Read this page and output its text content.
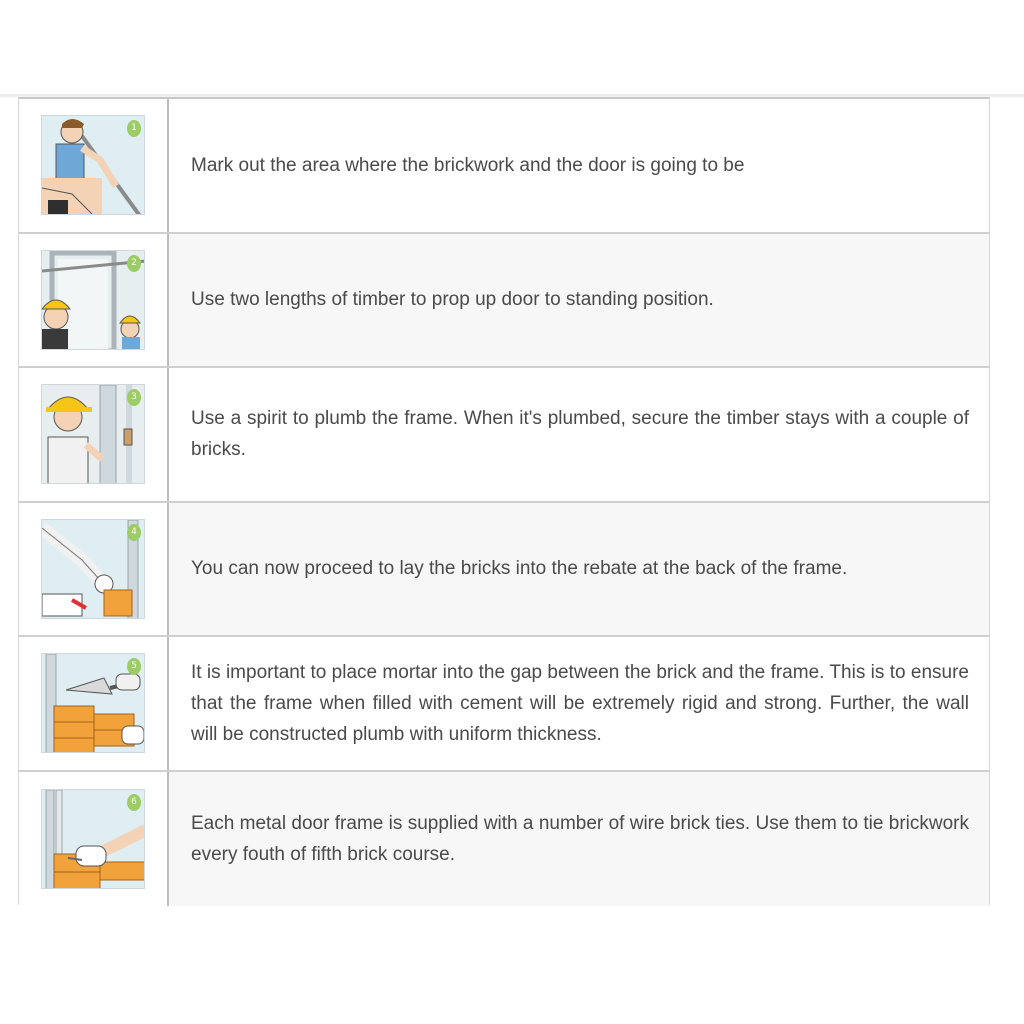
1

Mark out the area where the brickwork and the door is going to be

2

Use two lengths of timber to prop up door to standing position.

3

Use a spirit to plumb the frame. When it's plumbed, secure the timber stays with a couple of bricks.

4

You can now proceed to lay the bricks into the rebate at the back of the frame.

5	It is important to place mortar into the gap between the brick and the frame. This is to ensure that the frame when filled with cement will be extremely rigid and strong. Further, the wall will be constructed plumb with uniform thickness.

6

Each metal door frame is supplied with a number of wire brick ties. Use them to tie brickwork every fouth of fifth brick course.
